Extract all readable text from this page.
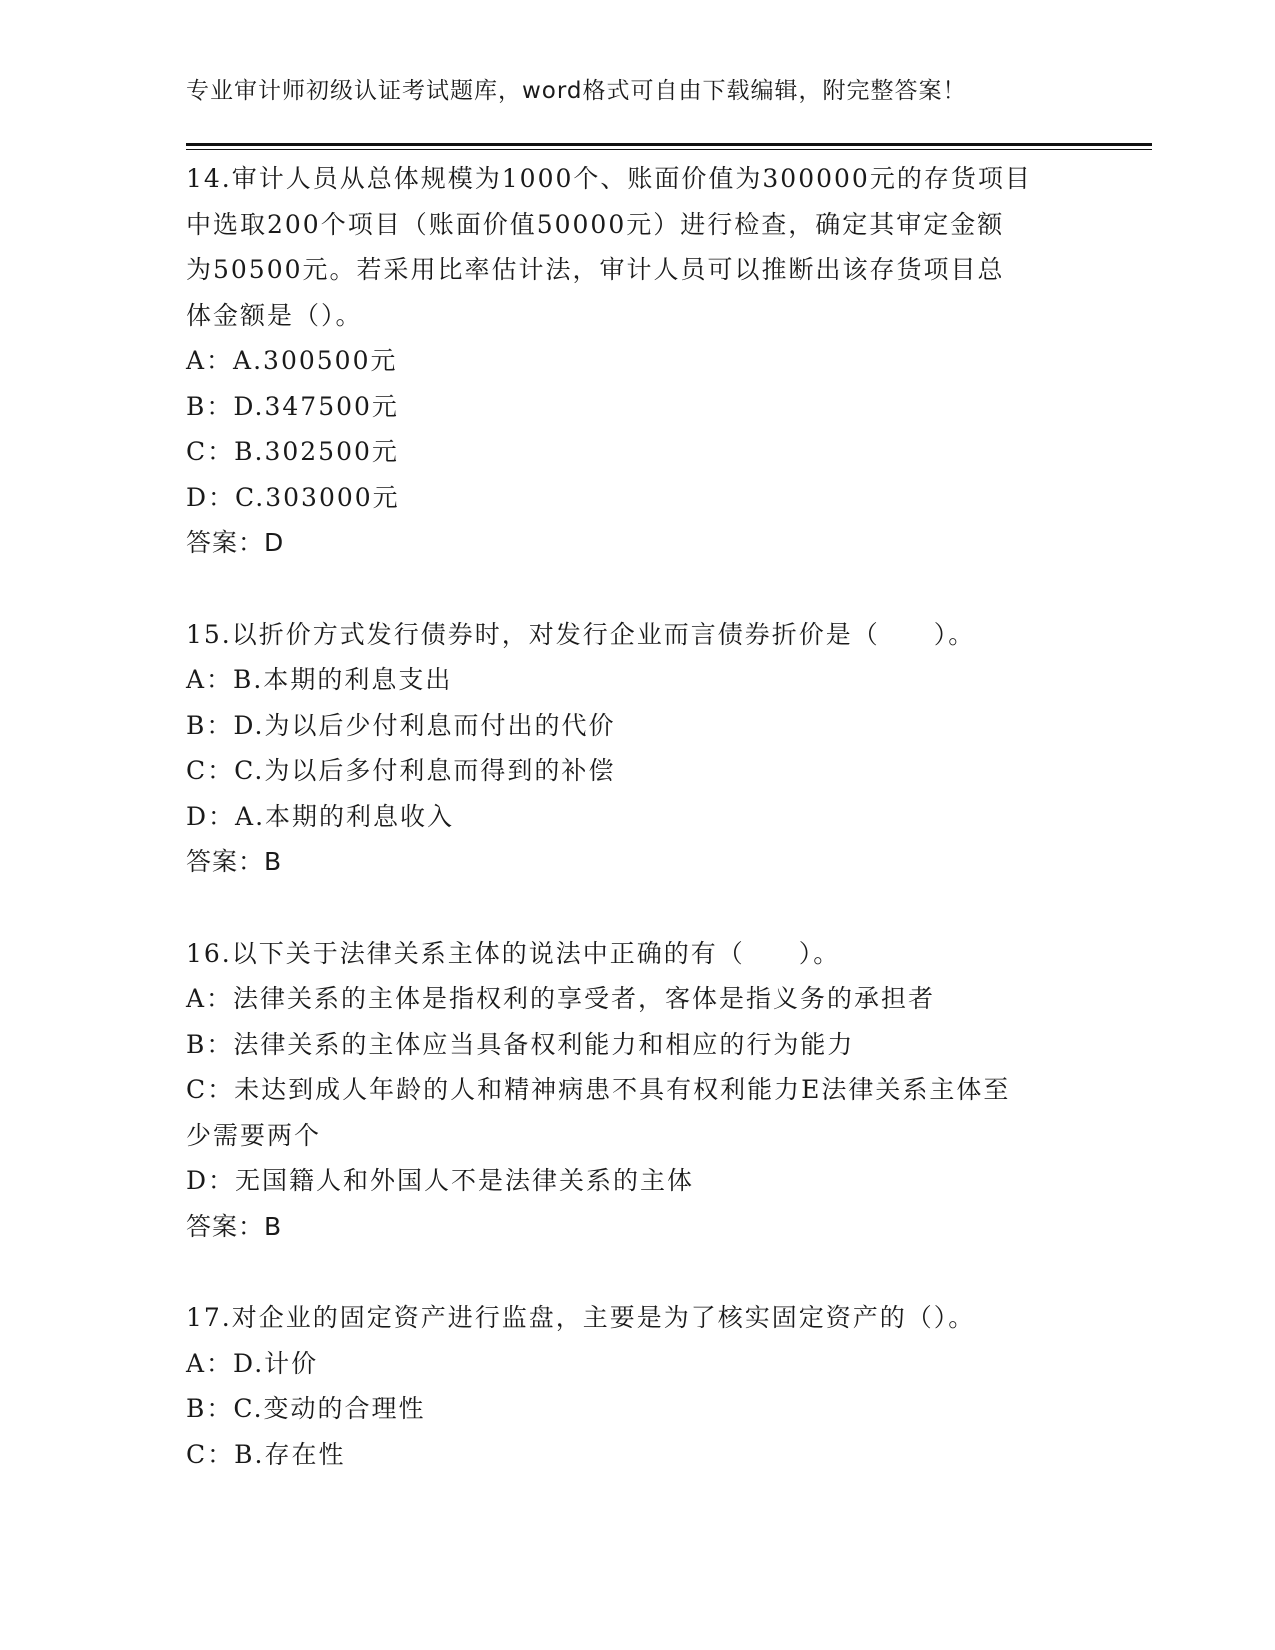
专业审计师初级认证考试题库，word格式可自由下载编辑，附完整答案！
14.审计人员从总体规模为1000个、账面价值为300000元的存货项目
中选取200个项目（账面价值50000元）进行检查，确定其审定金额
为50500元。若采用比率估计法，审计人员可以推断出该存货项目总
体金额是（）。
A：A.300500元
B：D.347500元
C：B.302500元
D：C.303000元
答案：D
15.以折价方式发行债券时，对发行企业而言债券折价是（　　）。
A：B.本期的利息支出
B：D.为以后少付利息而付出的代价
C：C.为以后多付利息而得到的补偿
D：A.本期的利息收入
答案：B
16.以下关于法律关系主体的说法中正确的有（　　）。
A：法律关系的主体是指权利的享受者，客体是指义务的承担者
B：法律关系的主体应当具备权利能力和相应的行为能力
C：未达到成人年龄的人和精神病患不具有权利能力E法律关系主体至
少需要两个
D：无国籍人和外国人不是法律关系的主体
答案：B
17.对企业的固定资产进行监盘，主要是为了核实固定资产的（）。
A：D.计价
B：C.变动的合理性
C：B.存在性
